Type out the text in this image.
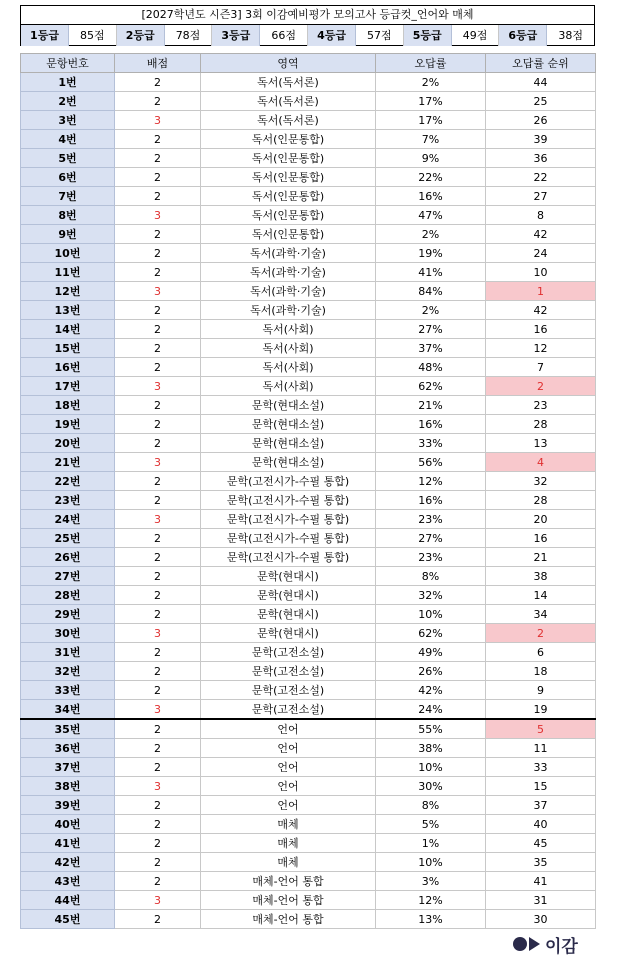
[2027학년도 시즌3] 3회 이감예비평가 모의고사 등급컷_언어와 매체
1등급	85점	2등급	78점	3등급	66점	4등급	57점	5등급	49점	6등급	38점
문항번호	배점	영역	오답률	오답률 순위
1번	2	독서(독서론)	2%	44
2번	2	독서(독서론)	17%	25
3번	3	독서(독서론)	17%	26
4번	2	독서(인문통합)	7%	39
5번	2	독서(인문통합)	9%	36
6번	2	독서(인문통합)	22%	22
7번	2	독서(인문통합)	16%	27
8번	3	독서(인문통합)	47%	8
9번	2	독서(인문통합)	2%	42
10번	2	독서(과학·기술)	19%	24
11번	2	독서(과학·기술)	41%	10
12번	3	독서(과학·기술)	84%	1
13번	2	독서(과학·기술)	2%	42
14번	2	독서(사회)	27%	16
15번	2	독서(사회)	37%	12
16번	2	독서(사회)	48%	7
17번	3	독서(사회)	62%	2
18번	2	문학(현대소설)	21%	23
19번	2	문학(현대소설)	16%	28
20번	2	문학(현대소설)	33%	13
21번	3	문학(현대소설)	56%	4
22번	2	문학(고전시가-수필 통합)	12%	32
23번	2	문학(고전시가-수필 통합)	16%	28
24번	3	문학(고전시가-수필 통합)	23%	20
25번	2	문학(고전시가-수필 통합)	27%	16
26번	2	문학(고전시가-수필 통합)	23%	21
27번	2	문학(현대시)	8%	38
28번	2	문학(현대시)	32%	14
29번	2	문학(현대시)	10%	34
30번	3	문학(현대시)	62%	2
31번	2	문학(고전소설)	49%	6
32번	2	문학(고전소설)	26%	18
33번	2	문학(고전소설)	42%	9
34번	3	문학(고전소설)	24%	19
35번	2	언어	55%	5
36번	2	언어	38%	11
37번	2	언어	10%	33
38번	3	언어	30%	15
39번	2	언어	8%	37
40번	2	매체	5%	40
41번	2	매체	1%	45
42번	2	매체	10%	35
43번	2	매체-언어 통합	3%	41
44번	3	매체-언어 통합	12%	31
45번	2	매체-언어 통합	13%	30
이감
